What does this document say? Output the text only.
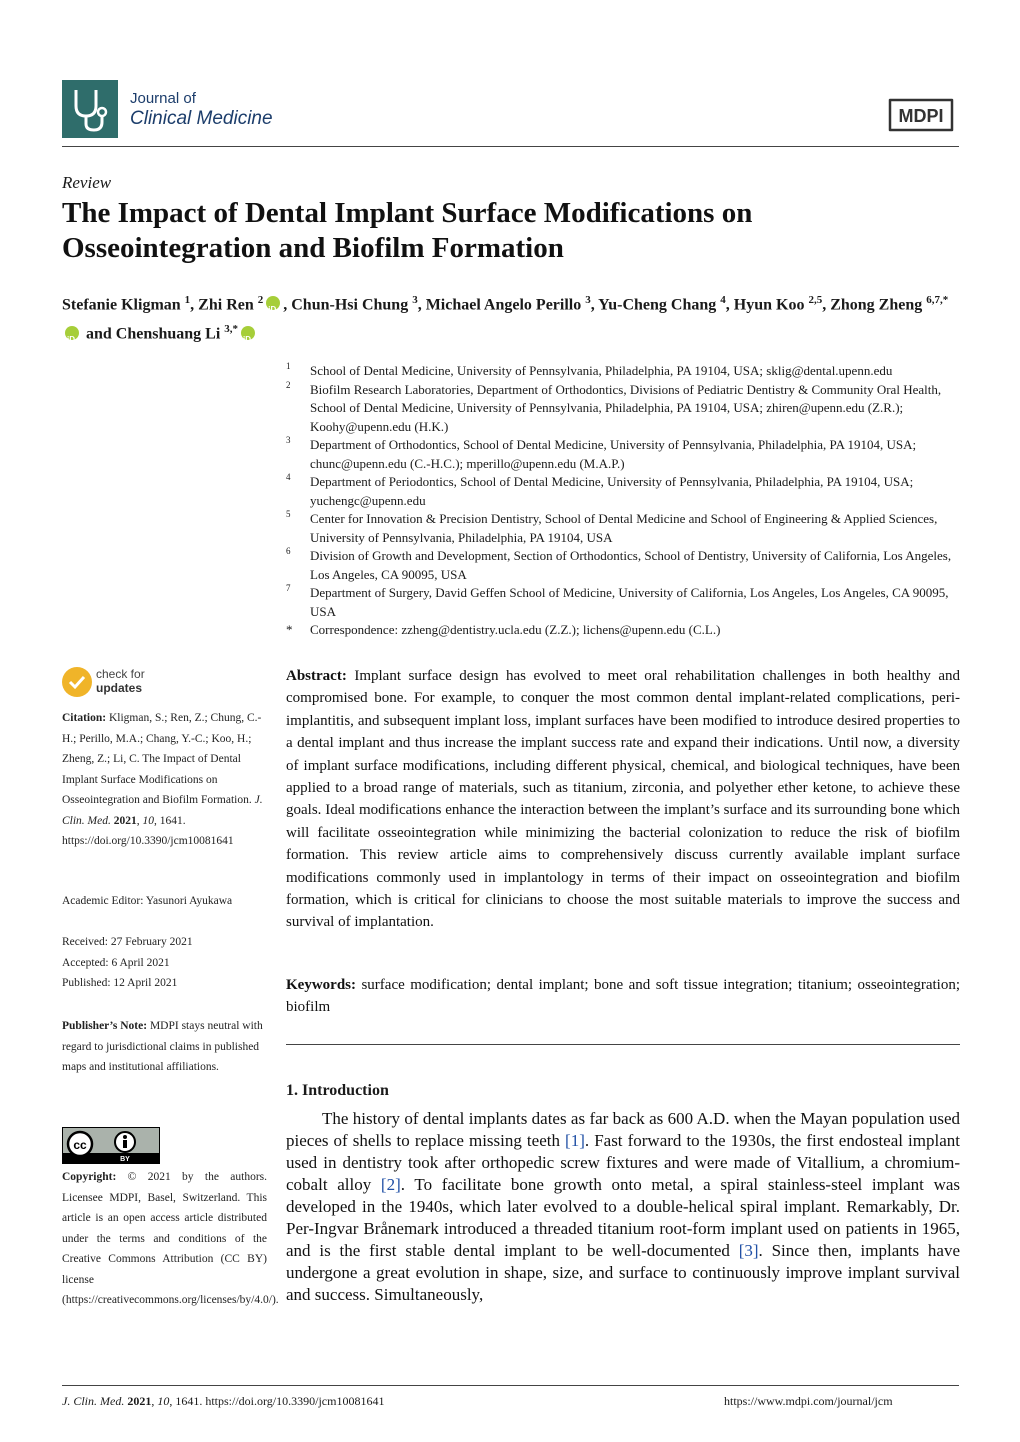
Journal of
Clinical Medicine	MDPI
Review
The Impact of Dental Implant Surface Modifications on Osseointegration and Biofilm Formation
Stefanie Kligman $^1$, Zhi Ren $^2$iD , Chun-Hsi Chung $^3$, Michael Angelo Perillo $^3$, Yu-Cheng Chang $^4$, Hyun Koo $^{2,5}$, Zhong Zheng $^{6,7,*}$iD and Chenshuang Li $^{3,*}$iD
1 School of Dental Medicine, University of Pennsylvania, Philadelphia, PA 19104, USA; sklig@dental.upenn.edu
2 Biofilm Research Laboratories, Department of Orthodontics, Divisions of Pediatric Dentistry & Community Oral Health, School of Dental Medicine, University of Pennsylvania, Philadelphia, PA 19104, USA; zhiren@upenn.edu (Z.R.); Koohy@upenn.edu (H.K.)
3 Department of Orthodontics, School of Dental Medicine, University of Pennsylvania, Philadelphia, PA 19104, USA; chunc@upenn.edu (C.-H.C.); mperillo@upenn.edu (M.A.P.)
4 Department of Periodontics, School of Dental Medicine, University of Pennsylvania, Philadelphia, PA 19104, USA; yuchengc@upenn.edu
5 Center for Innovation & Precision Dentistry, School of Dental Medicine and School of Engineering & Applied Sciences, University of Pennsylvania, Philadelphia, PA 19104, USA
6 Division of Growth and Development, Section of Orthodontics, School of Dentistry, University of California, Los Angeles, Los Angeles, CA 90095, USA
7 Department of Surgery, David Geffen School of Medicine, University of California, Los Angeles, Los Angeles, CA 90095, USA
* Correspondence: zzheng@dentistry.ucla.edu (Z.Z.); lichens@upenn.edu (C.L.)
check for
updates
Citation: Kligman, S.; Ren, Z.; Chung, C.-H.; Perillo, M.A.; Chang, Y.-C.; Koo, H.; Zheng, Z.; Li, C. The Impact of Dental Implant Surface Modifications on Osseointegration and Biofilm Formation. J. Clin. Med. 2021, 10, 1641. https://doi.org/10.3390/jcm10081641
Academic Editor: Yasunori Ayukawa
Received: 27 February 2021
Accepted: 6 April 2021
Published: 12 April 2021
Publisher’s Note: MDPI stays neutral with regard to jurisdictional claims in published maps and institutional affiliations.
cc
BY
Copyright: © 2021 by the authors. Licensee MDPI, Basel, Switzerland. This article is an open access article distributed under the terms and conditions of the Creative Commons Attribution (CC BY) license (https://creativecommons.org/licenses/by/4.0/).
Abstract: Implant surface design has evolved to meet oral rehabilitation challenges in both healthy and compromised bone. For example, to conquer the most common dental implant-related complications, peri-implantitis, and subsequent implant loss, implant surfaces have been modified to introduce desired properties to a dental implant and thus increase the implant success rate and expand their indications. Until now, a diversity of implant surface modifications, including different physical, chemical, and biological techniques, have been applied to a broad range of materials, such as titanium, zirconia, and polyether ether ketone, to achieve these goals. Ideal modifications enhance the interaction between the implant’s surface and its surrounding bone which will facilitate osseointegration while minimizing the bacterial colonization to reduce the risk of biofilm formation. This review article aims to comprehensively discuss currently available implant surface modifications commonly used in implantology in terms of their impact on osseointegration and biofilm formation, which is critical for clinicians to choose the most suitable materials to improve the success and survival of implantation.
Keywords: surface modification; dental implant; bone and soft tissue integration; titanium; osseointegration; biofilm
1. Introduction
The history of dental implants dates as far back as 600 A.D. when the Mayan population used pieces of shells to replace missing teeth [1]. Fast forward to the 1930s, the first endosteal implant used in dentistry took after orthopedic screw fixtures and were made of Vitallium, a chromium-cobalt alloy [2]. To facilitate bone growth onto metal, a spiral stainless-steel implant was developed in the 1940s, which later evolved to a double-helical spiral implant. Remarkably, Dr. Per-Ingvar Brånemark introduced a threaded titanium root-form implant used on patients in 1965, and is the first stable dental implant to be well-documented [3]. Since then, implants have undergone a great evolution in shape, size, and surface to continuously improve implant survival and success. Simultaneously,
J. Clin. Med. 2021, 10, 1641. https://doi.org/10.3390/jcm10081641	https://www.mdpi.com/journal/jcm
